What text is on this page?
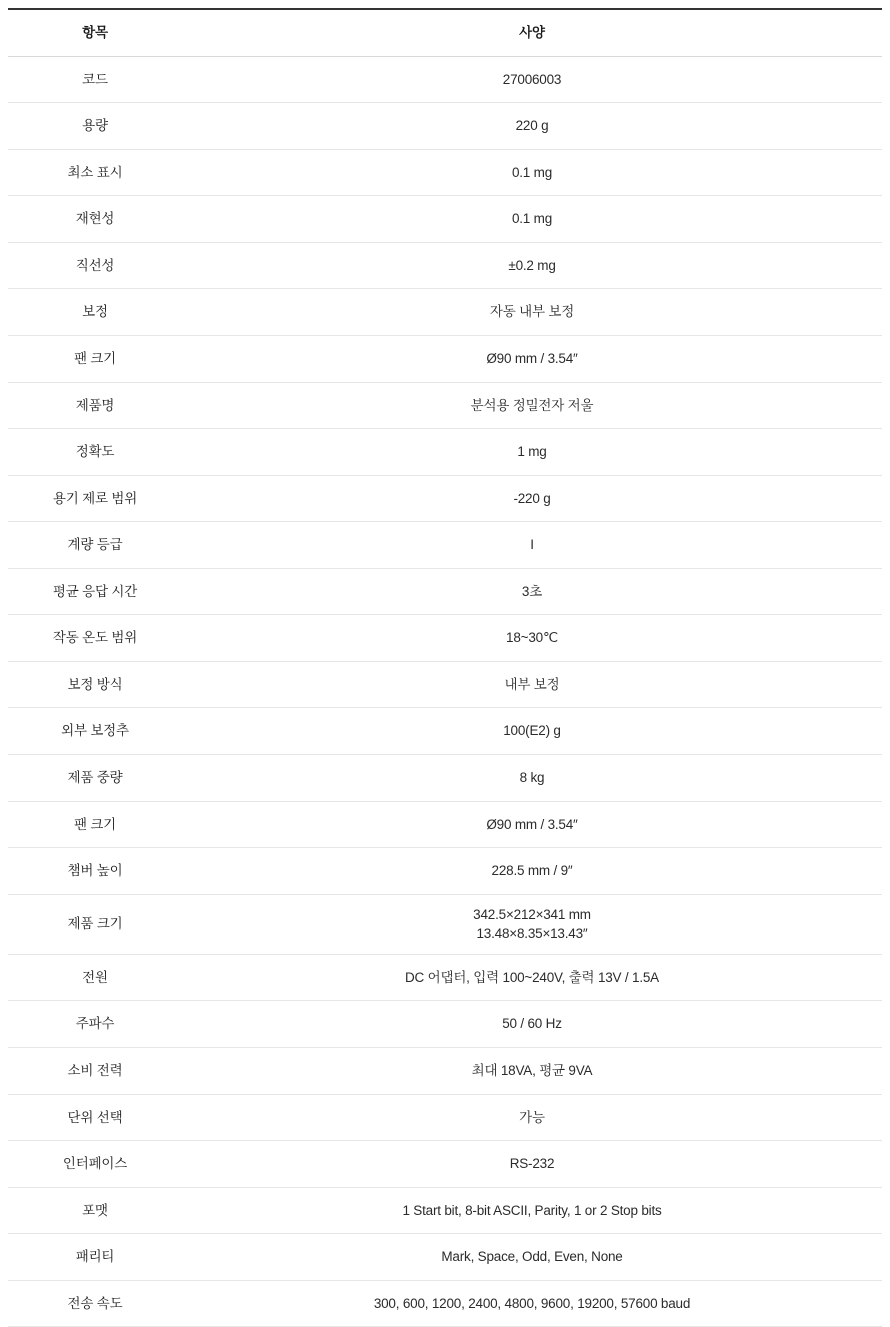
항목	사양
코드	27006003
용량	220 g
최소 표시	0.1 mg
재현성	0.1 mg
직선성	±0.2 mg
보정	자동 내부 보정
팬 크기	Ø90 mm / 3.54″
제품명	분석용 정밀전자 저울
정확도	1 mg
용기 제로 범위	-220 g
계량 등급	I
평균 응답 시간	3초
작동 온도 범위	18~30℃
보정 방식	내부 보정
외부 보정추	100(E2) g
제품 중량	8 kg
팬 크기	Ø90 mm / 3.54″
챔버 높이	228.5 mm / 9″
제품 크기	342.5×212×341 mm
13.48×8.35×13.43″

전원	DC 어댑터, 입력 100~240V, 출력 13V / 1.5A
주파수	50 / 60 Hz
소비 전력	최대 18VA, 평균 9VA
단위 선택	가능
인터페이스	RS-232
포맷	1 Start bit, 8-bit ASCII, Parity, 1 or 2 Stop bits
패리티	Mark, Space, Odd, Even, None
전송 속도	300, 600, 1200, 2400, 4800, 9600, 19200, 57600 baud
